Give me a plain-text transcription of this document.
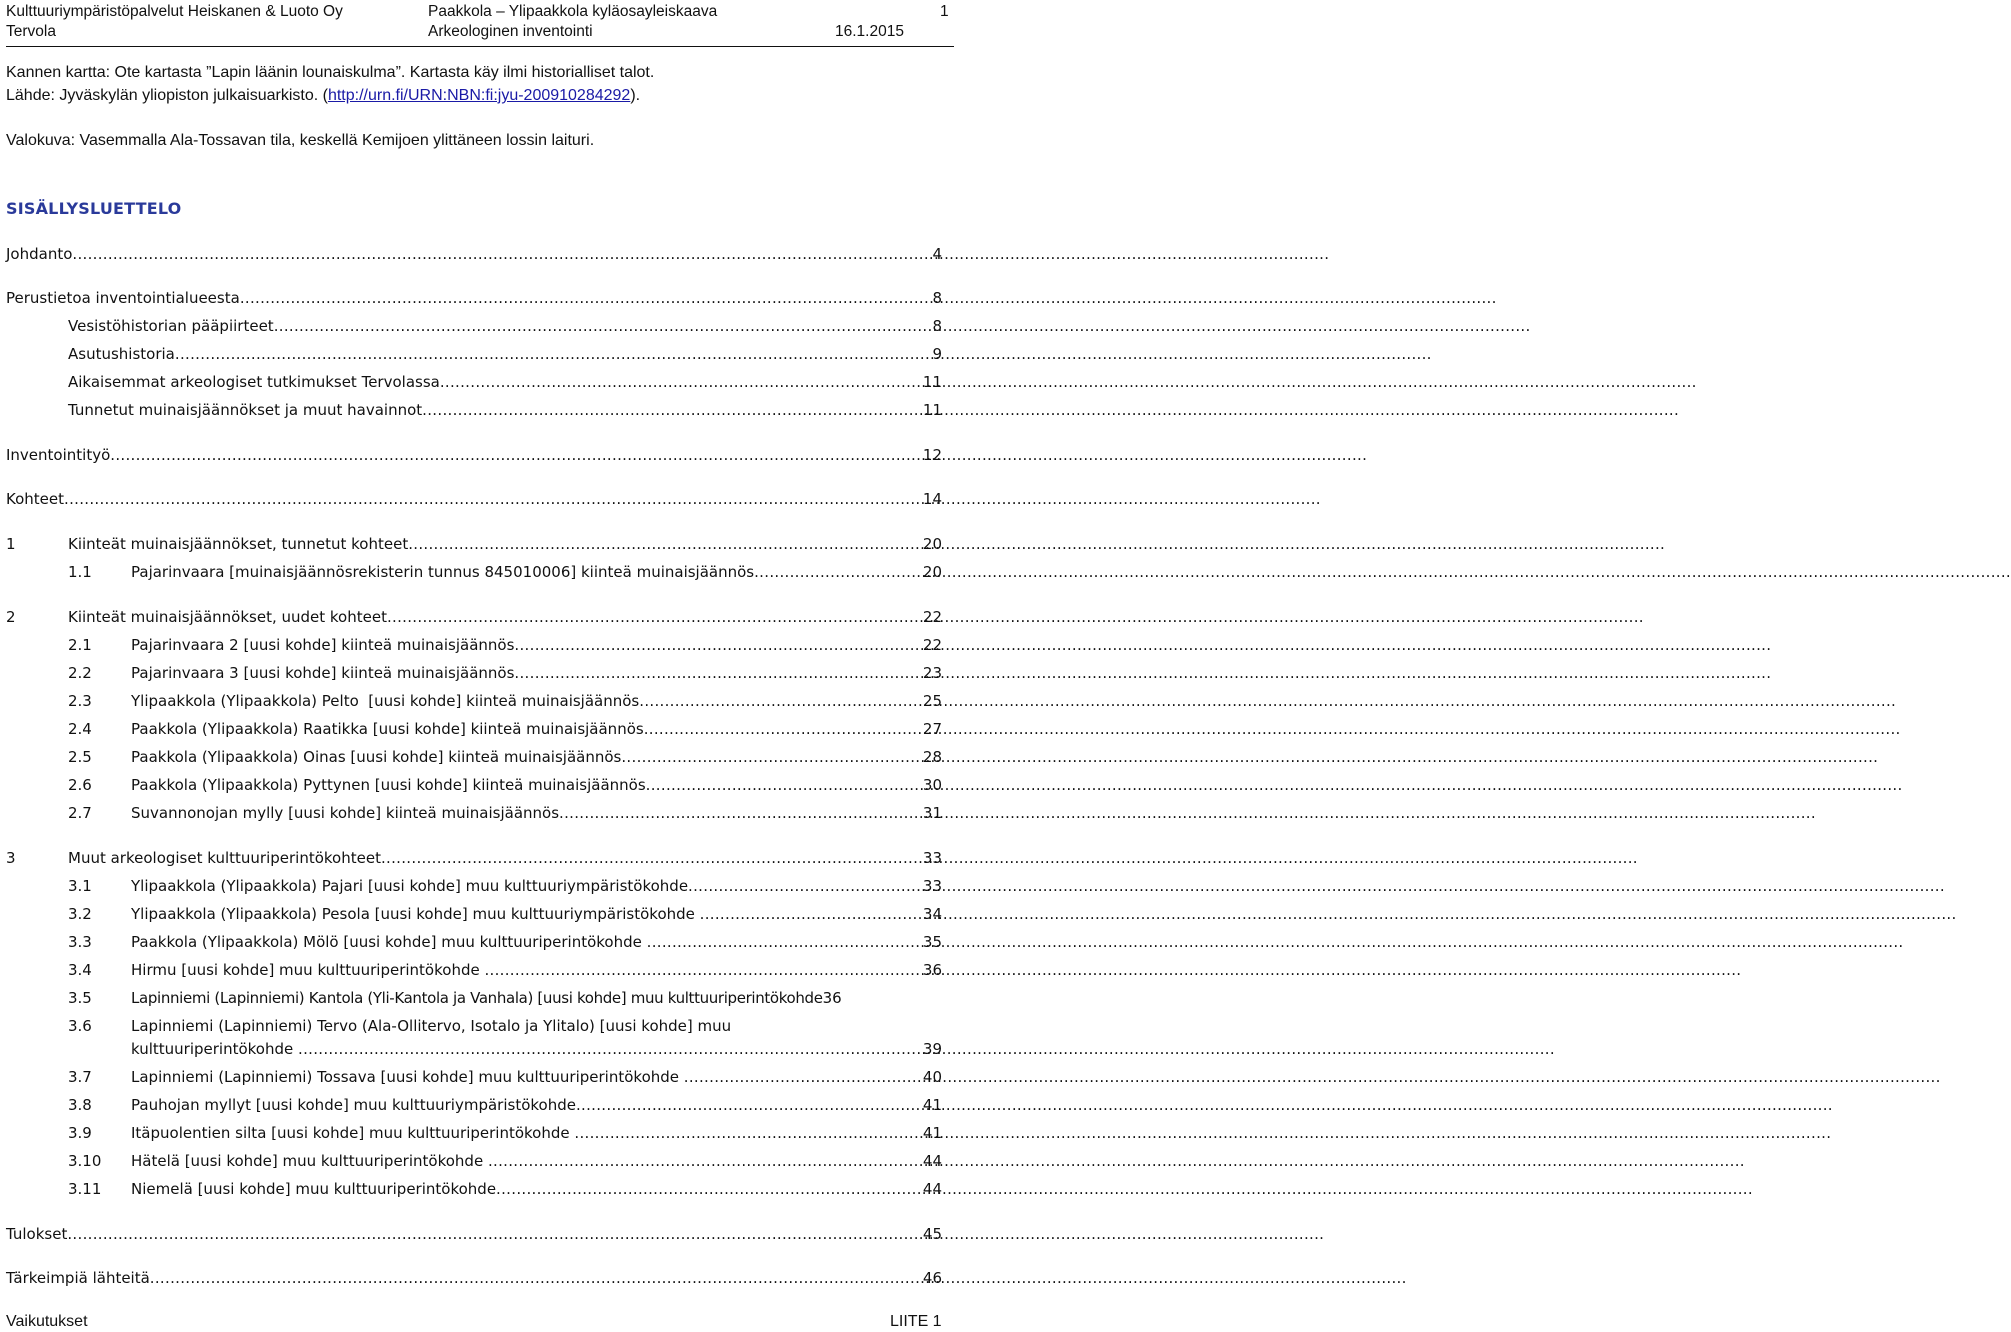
Kulttuuriympäristöpalvelut Heiskanen & Luoto Oy
Tervola
Paakkola – Ylipaakkola kyläosayleiskaava
Arkeologinen inventointi
1
16.1.2015
Kannen kartta: Ote kartasta ”Lapin läänin lounaiskulma”. Kartasta käy ilmi historialliset talot.
Lähde: Jyväskylän yliopiston julkaisuarkisto. (http://urn.fi/URN:NBN:fi:jyu-200910284292).
Valokuva: Vasemmalla Ala-Tossavan tila, keskellä Kemijoen ylittäneen lossin laituri.
SISÄLLYSLUETTELO
Johdanto .....	4
Perustietoa inventointialueesta .....	8
Vesistöhistorian pääpiirteet .....	8
Asutushistoria .....	9
Aikaisemmat arkeologiset tutkimukset Tervolassa .....	11
Tunnetut muinaisjäännökset ja muut havainnot .....	11
Inventointityö .....	12
Kohteet .....	14
1	Kiinteät muinaisjäännökset, tunnetut kohteet .....	20
1.1	Pajarinvaara [muinaisjäännösrekisterin tunnus 845010006] kiinteä muinaisjäännös .....	20
2	Kiinteät muinaisjäännökset, uudet kohteet .....	22
2.1	Pajarinvaara 2 [uusi kohde] kiinteä muinaisjäännös .....	22
2.2	Pajarinvaara 3 [uusi kohde] kiinteä muinaisjäännös .....	23
2.3	Ylipaakkola (Ylipaakkola) Pelto  [uusi kohde] kiinteä muinaisjäännös .....	25
2.4	Paakkola (Ylipaakkola) Raatikka [uusi kohde] kiinteä muinaisjäännös .....	27
2.5	Paakkola (Ylipaakkola) Oinas [uusi kohde] kiinteä muinaisjäännös .....	28
2.6	Paakkola (Ylipaakkola) Pyttynen [uusi kohde] kiinteä muinaisjäännös .....	30
2.7	Suvannonojan mylly [uusi kohde] kiinteä muinaisjäännös .....	31
3	Muut arkeologiset kulttuuriperintökohteet .....	33
3.1	Ylipaakkola (Ylipaakkola) Pajari [uusi kohde] muu kulttuuriympäristökohde .....	33
3.2	Ylipaakkola (Ylipaakkola) Pesola [uusi kohde] muu kulttuuriympäristökohde .....	34
3.3	Paakkola (Ylipaakkola) Mölö [uusi kohde] muu kulttuuriperintökohde .....	35
3.4	Hirmu [uusi kohde] muu kulttuuriperintökohde .....	36
3.5	Lapinniemi (Lapinniemi) Kantola (Yli-Kantola ja Vanhala) [uusi kohde] muu kulttuuriperintökohde 36
3.6	Lapinniemi (Lapinniemi) Tervo (Ala-Ollitervo, Isotalo ja Ylitalo) [uusi kohde] muu
kulttuuriperintökohde .....	39
3.7	Lapinniemi (Lapinniemi) Tossava [uusi kohde] muu kulttuuriperintökohde .....	40
3.8	Pauhojan myllyt [uusi kohde] muu kulttuuriympäristökohde .....	41
3.9	Itäpuolentien silta [uusi kohde] muu kulttuuriperintökohde .....	41
3.10	Hätelä [uusi kohde] muu kulttuuriperintökohde .....	44
3.11	Niemelä [uusi kohde] muu kulttuuriperintökohde .....	44
Tulokset .....	45
Tärkeimpiä lähteitä .....	46
Vaikutukset	LIITE 1
